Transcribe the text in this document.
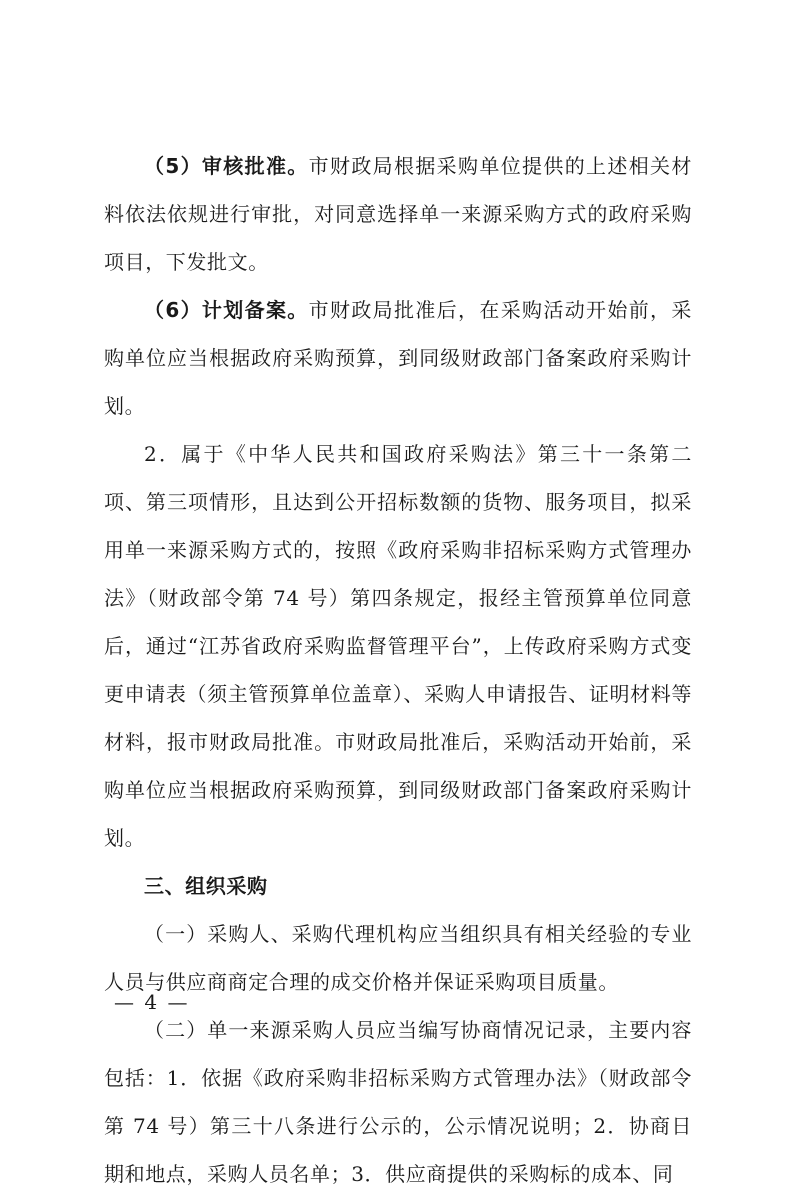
（5）审核批准。市财政局根据采购单位提供的上述相关材料依法依规进行审批，对同意选择单一来源采购方式的政府采购项目，下发批文。

（6）计划备案。市财政局批准后，在采购活动开始前，采购单位应当根据政府采购预算，到同级财政部门备案政府采购计划。

2．属于《中华人民共和国政府采购法》第三十一条第二项、第三项情形，且达到公开招标数额的货物、服务项目，拟采用单一来源采购方式的，按照《政府采购非招标采购方式管理办法》（财政部令第 74 号）第四条规定，报经主管预算单位同意后，通过“江苏省政府采购监督管理平台”，上传政府采购方式变更申请表（须主管预算单位盖章）、采购人申请报告、证明材料等材料，报市财政局批准。市财政局批准后，采购活动开始前，采购单位应当根据政府采购预算，到同级财政部门备案政府采购计划。

三、组织采购

（一）采购人、采购代理机构应当组织具有相关经验的专业人员与供应商商定合理的成交价格并保证采购项目质量。

（二）单一来源采购人员应当编写协商情况记录，主要内容包括：1．依据《政府采购非招标采购方式管理办法》（财政部令第 74 号）第三十八条进行公示的，公示情况说明；2．协商日期和地点，采购人员名单；3．供应商提供的采购标的成本、同

— 4 —
